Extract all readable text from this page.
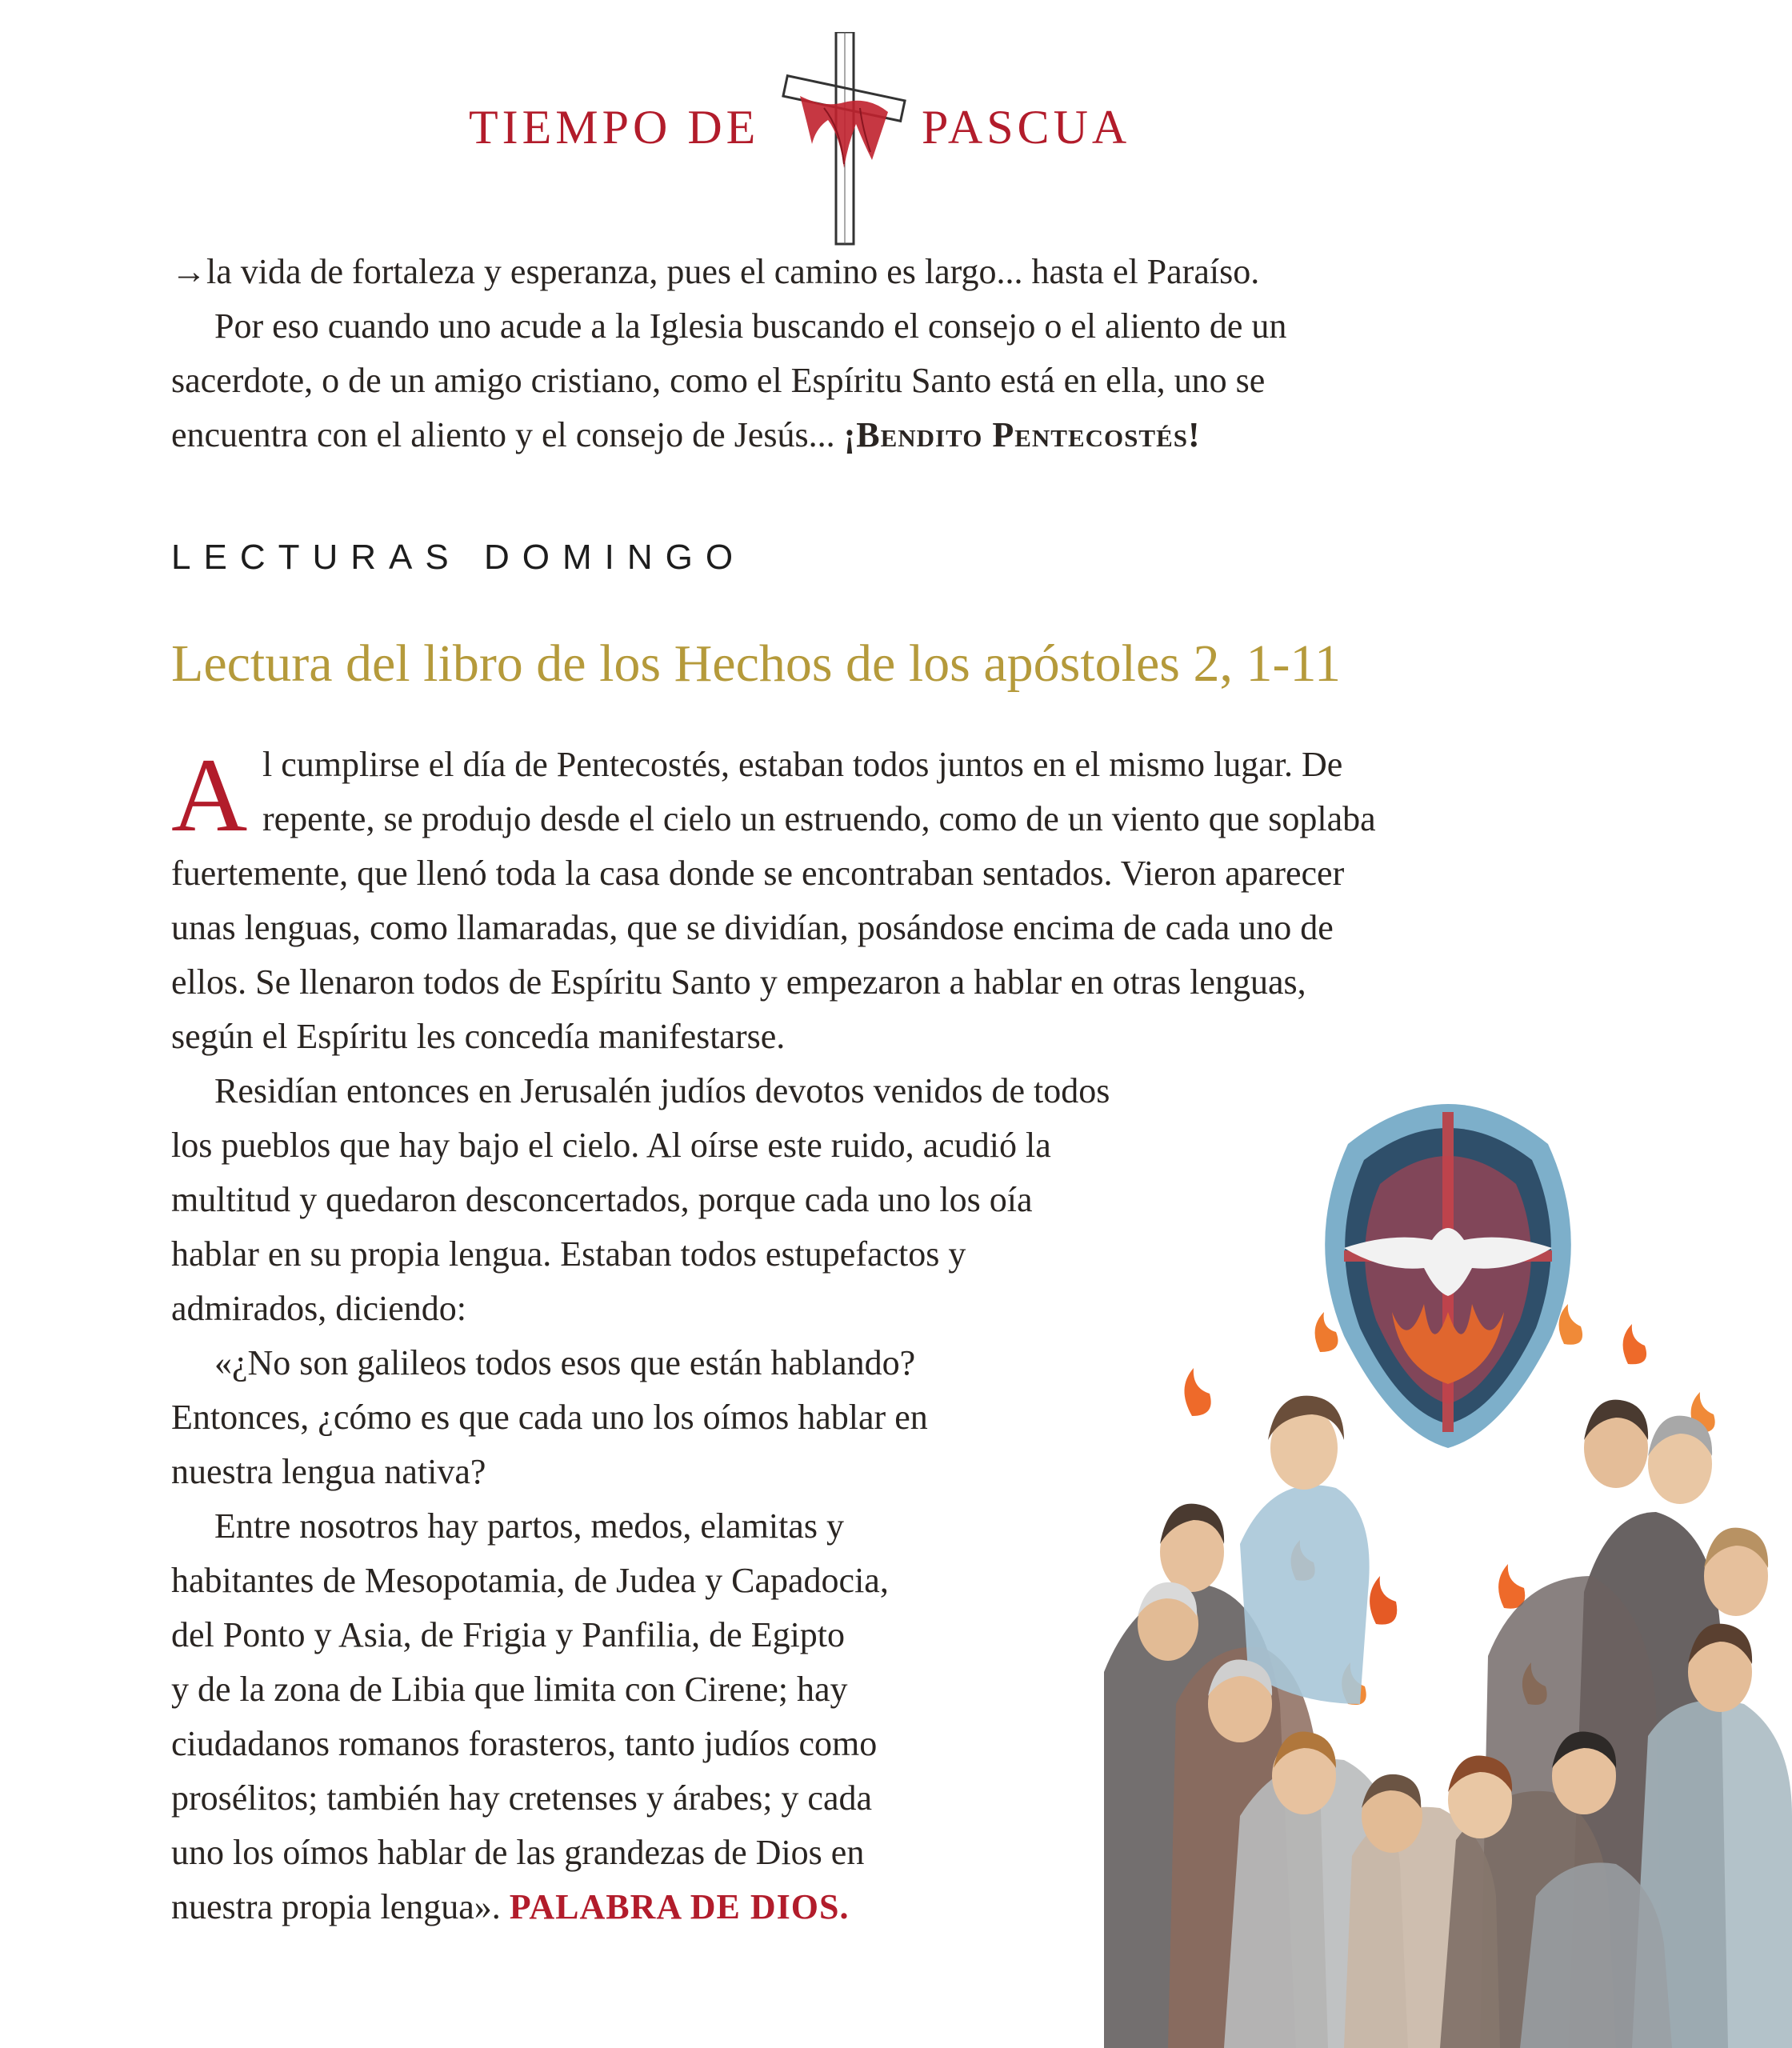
TIEMPO DE	PASCUA
→la vida de fortaleza y esperanza, pues el camino es largo... hasta el Paraíso.
Por eso cuando uno acude a la Iglesia buscando el consejo o el aliento de un
sacerdote, o de un amigo cristiano, como el Espíritu Santo está en ella, uno se
encuentra con el aliento y el consejo de Jesús... ¡Bendito Pentecostés!
LECTURAS DOMINGO
Lectura del libro de los Hechos de los apóstoles 2, 1-11
A l cumplirse el día de Pentecostés, estaban todos juntos en el mismo lugar. De
repente, se produjo desde el cielo un estruendo, como de un viento que soplaba
fuertemente, que llenó toda la casa donde se encontraban sentados. Vieron aparecer
unas lenguas, como llamaradas, que se dividían, posándose encima de cada uno de
ellos. Se llenaron todos de Espíritu Santo y empezaron a hablar en otras lenguas,
según el Espíritu les concedía manifestarse.
Residían entonces en Jerusalén judíos devotos venidos de todos
los pueblos que hay bajo el cielo. Al oírse este ruido, acudió la
multitud y quedaron desconcertados, porque cada uno los oía
hablar en su propia lengua. Estaban todos estupefactos y
admirados, diciendo:
«¿No son galileos todos esos que están hablando?
Entonces, ¿cómo es que cada uno los oímos hablar en
nuestra lengua nativa?
Entre nosotros hay partos, medos, elamitas y
habitantes de Mesopotamia, de Judea y Capadocia,
del Ponto y Asia, de Frigia y Panfilia, de Egipto
y de la zona de Libia que limita con Cirene; hay
ciudadanos romanos forasteros, tanto judíos como
prosélitos; también hay cretenses y árabes; y cada
uno los oímos hablar de las grandezas de Dios en
nuestra propia lengua». PALABRA DE DIOS.
